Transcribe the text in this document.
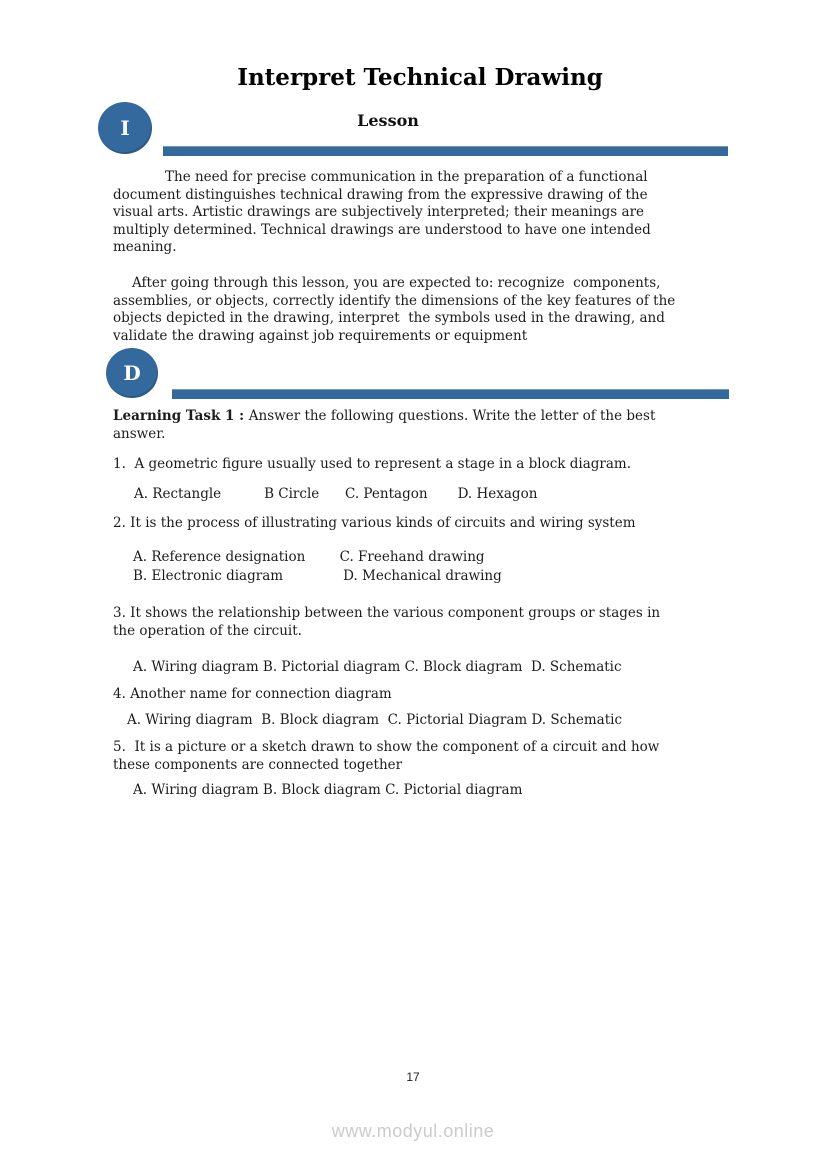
Interpret Technical Drawing
I	Lesson
The need for precise communication in the preparation of a functional
document distinguishes technical drawing from the expressive drawing of the
visual arts. Artistic drawings are subjectively interpreted; their meanings are
multiply determined. Technical drawings are understood to have one intended
meaning.
After going through this lesson, you are expected to: recognize  components,
assemblies, or objects, correctly identify the dimensions of the key features of the
objects depicted in the drawing, interpret  the symbols used in the drawing, and
validate the drawing against job requirements or equipment
D
Learning Task 1 : Answer the following questions. Write the letter of the best
answer.
1.  A geometric figure usually used to represent a stage in a block diagram.
A. Rectangle          B Circle      C. Pentagon       D. Hexagon
2. It is the process of illustrating various kinds of circuits and wiring system
A. Reference designation        C. Freehand drawing
B. Electronic diagram              D. Mechanical drawing
3. It shows the relationship between the various component groups or stages in
the operation of the circuit.
A. Wiring diagram B. Pictorial diagram C. Block diagram  D. Schematic
4. Another name for connection diagram
A. Wiring diagram  B. Block diagram  C. Pictorial Diagram D. Schematic
5.  It is a picture or a sketch drawn to show the component of a circuit and how
these components are connected together
A. Wiring diagram B. Block diagram C. Pictorial diagram
17
www.modyul.online
